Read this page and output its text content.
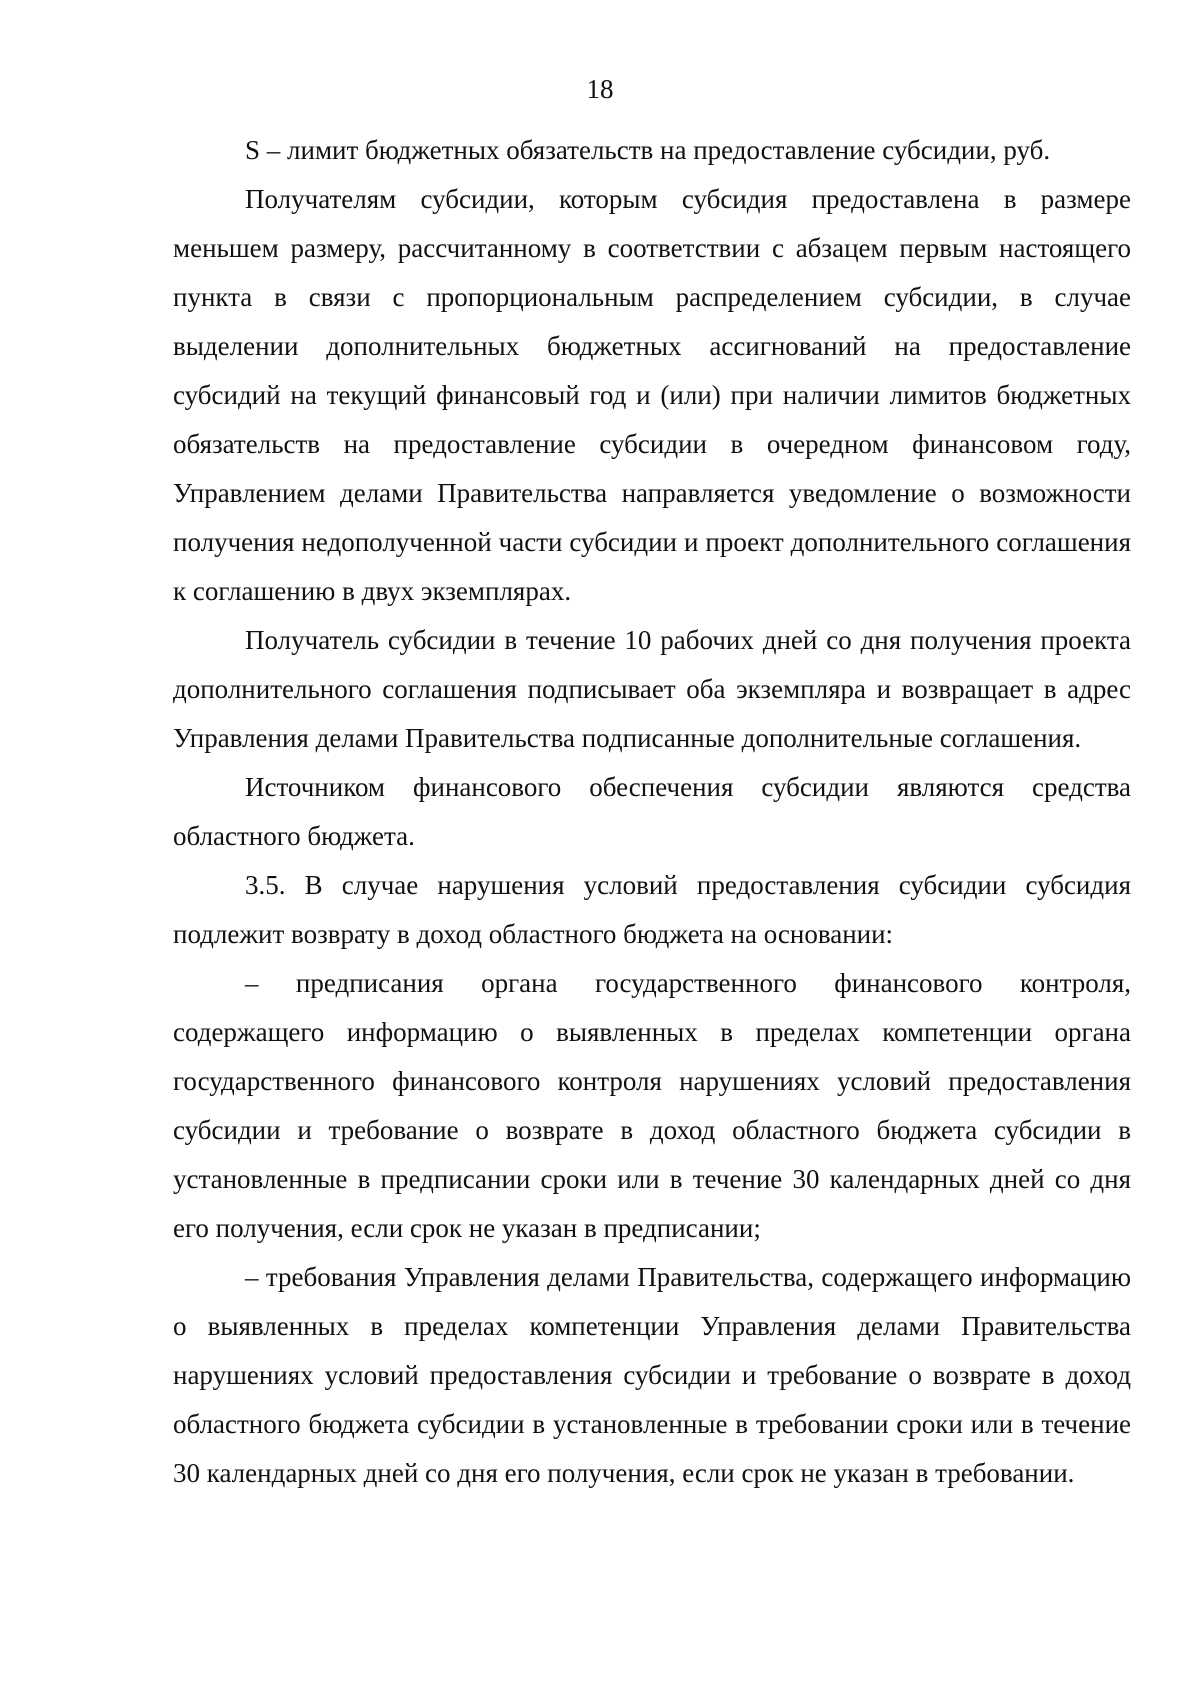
18

S – лимит бюджетных обязательств на предоставление субсидии, руб.

Получателям субсидии, которым субсидия предоставлена в размере меньшем размеру, рассчитанному в соответствии с абзацем первым настоящего пункта в связи с пропорциональным распределением субсидии, в случае выделении дополнительных бюджетных ассигнований на предоставление субсидий на текущий финансовый год и (или) при наличии лимитов бюджетных обязательств на предоставление субсидии в очередном финансовом году, Управлением делами Правительства направляется уведомление о возможности получения недополученной части субсидии и проект дополнительного соглашения к соглашению в двух экземплярах.

Получатель субсидии в течение 10 рабочих дней со дня получения проекта дополнительного соглашения подписывает оба экземпляра и возвращает в адрес Управления делами Правительства подписанные дополнительные соглашения.

Источником финансового обеспечения субсидии являются средства областного бюджета.

3.5. В случае нарушения условий предоставления субсидии субсидия подлежит возврату в доход областного бюджета на основании:

– предписания органа государственного финансового контроля, содержащего информацию о выявленных в пределах компетенции органа государственного финансового контроля нарушениях условий предоставления субсидии и требование о возврате в доход областного бюджета субсидии в установленные в предписании сроки или в течение 30 календарных дней со дня его получения, если срок не указан в предписании;

– требования Управления делами Правительства, содержащего информацию о выявленных в пределах компетенции Управления делами Правительства нарушениях условий предоставления субсидии и требование о возврате в доход областного бюджета субсидии в установленные в требовании сроки или в течение 30 календарных дней со дня его получения, если срок не указан в требовании.
